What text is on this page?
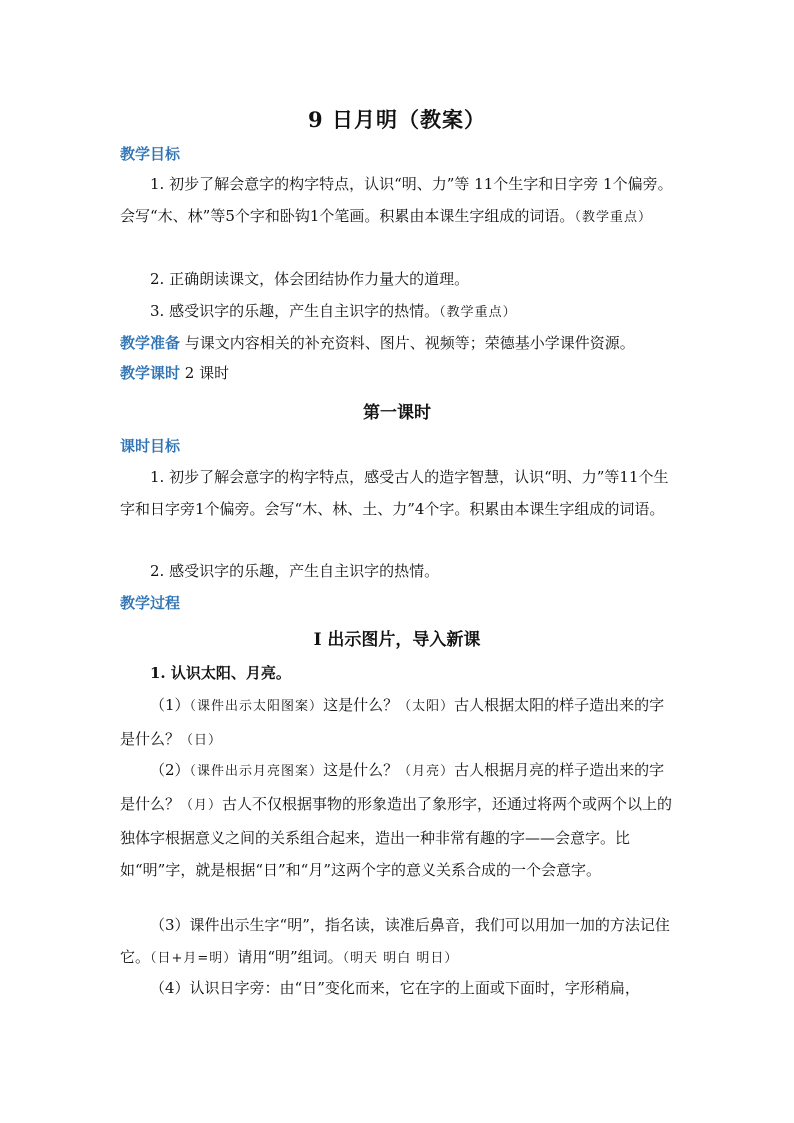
9 日月明（教案）
教学目标
1. 初步了解会意字的构字特点，认识“明、力”等 11个生字和日字旁 1个偏旁。会写“木、林”等5个字和卧钩1个笔画。积累由本课生字组成的词语。（教学重点）
2. 正确朗读课文，体会团结协作力量大的道理。
3. 感受识字的乐趣，产生自主识字的热情。（教学重点）
教学准备 与课文内容相关的补充资料、图片、视频等；荣德基小学课件资源。
教学课时 2 课时
第一课时
课时目标
1. 初步了解会意字的构字特点，感受古人的造字智慧，认识“明、力”等11个生字和日字旁1个偏旁。会写“木、林、土、力”4个字。积累由本课生字组成的词语。
2. 感受识字的乐趣，产生自主识字的热情。
教学过程
Ⅰ 出示图片，导入新课
1. 认识太阳、月亮。
（1）（课件出示太阳图案）这是什么？（太阳）古人根据太阳的样子造出来的字是什么？（日）
（2）（课件出示月亮图案）这是什么？（月亮）古人根据月亮的样子造出来的字是什么？（月）古人不仅根据事物的形象造出了象形字，还通过将两个或两个以上的独体字根据意义之间的关系组合起来，造出一种非常有趣的字——会意字。比如“明”字，就是根据“日”和“月”这两个字的意义关系合成的一个会意字。
（3）课件出示生字“明”，指名读，读准后鼻音，我们可以用加一加的方法记住它。（日+月=明）请用“明”组词。（明天 明白 明日）
（4）认识日字旁：由“日”变化而来，它在字的上面或下面时，字形稍扁，
